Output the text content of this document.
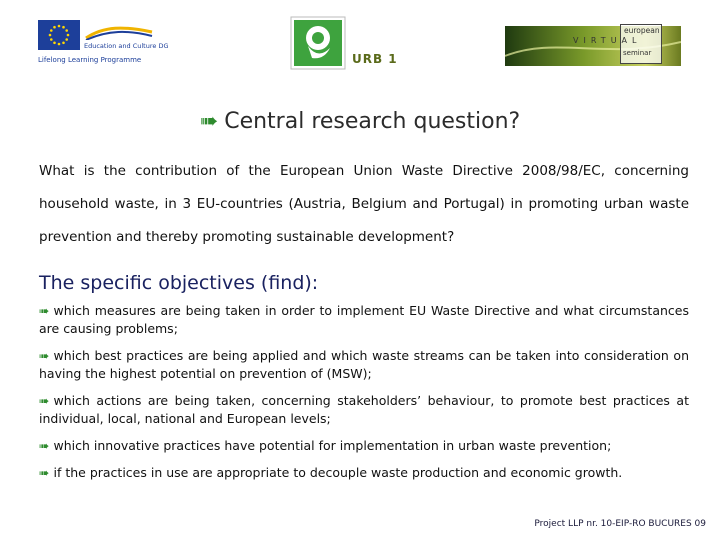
Education and Culture DG
Lifelong Learning Programme	URB 1
european
VIRTUAL
seminar
➠ Central research question?

What is the contribution of the European Union Waste Directive 2008/98/EC, concerning household waste, in 3 EU-countries (Austria, Belgium and Portugal) in promoting urban waste prevention and thereby promoting sustainable development?

The specific objectives (find):
➠ which measures are being taken in order to implement EU Waste Directive and what circumstances are causing problems;
➠ which best practices are being applied and which waste streams can be taken into consideration on having the highest potential on prevention of (MSW);
➠ which actions are being taken, concerning stakeholders’ behaviour, to promote best practices at individual, local, national and European levels;
➠ which innovative practices have potential for implementation in urban waste prevention;
➠ if the practices in use are appropriate to decouple waste production and economic growth.
Project LLP nr. 10-EIP-RO BUCURES 09
